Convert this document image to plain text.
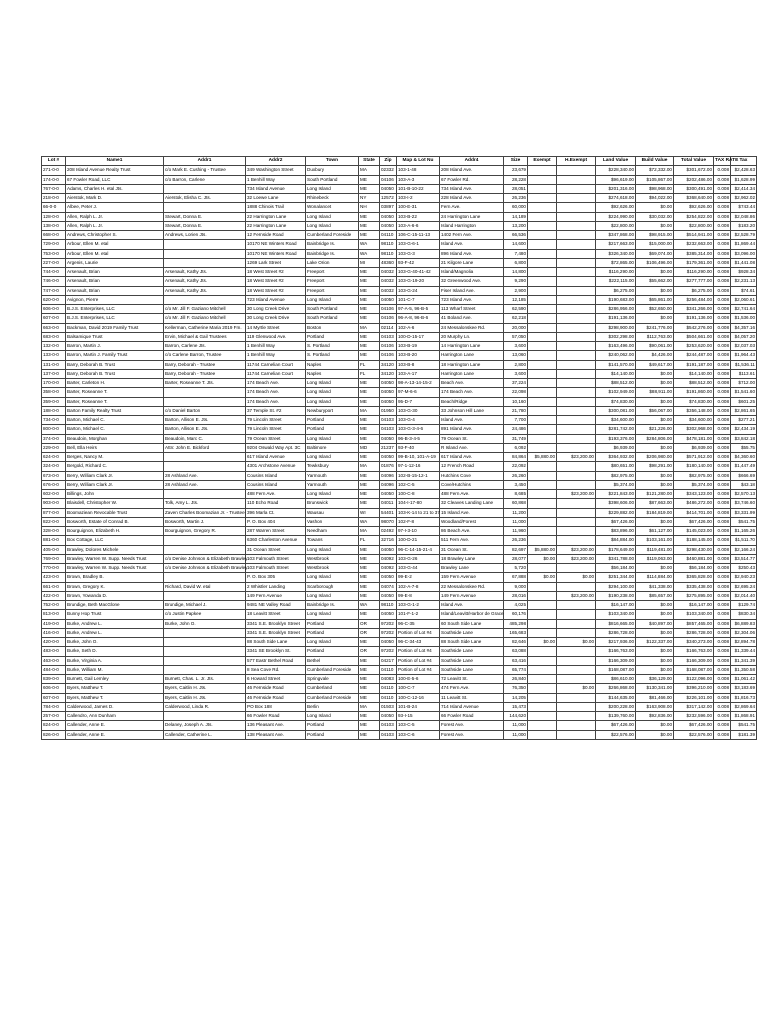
Lot #	Name1	Addr1	Addr2	Town	State	Zip	Map & Lot Nu	Addr4	Size	Exempt	H.Exempt	Land Value	Build Value	Total Value	TAX RATE	Tax
271-0-0	208 Island Avenue Realty Trust	c/o Mark E. Cushing - Trustee	349 Washington Street	Duxbury	MA	02332	103-1-48	208 Island Ave.	23,679			$228,340.00	$72,332.00	$301,672.00	0.008	$2,428.63
174-0-0	67 Fowler Road, LLC	c/o Barron, Carlene	1 Benhill Way	South Portland	ME	04106	103-A-3	67 Fowler Rd.	28,228			$96,619.00	$105,867.00	$202,486.00	0.008	$1,628.99
767-0-0	Adams, Charles H. etal Jts.		734 Island Avenue	Long Island	ME	04050	101-B-10-22	734 Island Ave.	28,051			$201,316.00	$98,968.00	$300,491.00	0.008	$2,414.34
218-0-0	Aierstok, Mark D.	Aierstok, Elisha C. Jts.	32 Loewe Lane	Rhinebeck	NY	12572	103-I-2	228 Island Ave.	26,236			$274,618.00	$94,022.00	$368,640.00	0.008	$2,962.02
66-0-0	Albee, Peter J.		1888 Chinois Trail	Wonalancet	NH	03897	100-E-31	Fern Ave.	60,000			$92,626.00	$0.00	$92,626.00	0.008	$743.44
128-0-0	Allen, Ralph L. Jr.	Stewart, Donna E.	22 Harrington Lane	Long Island	ME	04050	103-B-22	24 Harrington Lane	14,189			$224,990.00	$30,032.00	$254,822.00	0.008	$2,048.86
138-0-0	Allen, Ralph L. Jr.	Stewart, Donna E.	22 Harrington Lane	Long Island	ME	04050	103-A-6-6	Island Harrington	13,200			$22,800.00	$0.00	$22,800.00	0.008	$183.20
668-0-0	Andrews, Christopher S.	Andrews, Lorien Jts.	12 Fernside Road	Cumberland Foreside	ME	04110	106-C-15-11-13	1402 Fern Ave.	66,536			$347,868.00	$98,915.00	$514,941.00	0.008	$2,528.79
729-0-0	Arbour, Ellen M. etal		10170 NE Winters Road	Bainbridge Is.	WA	98110	103-G-6-1	Island Ave.	14,600			$217,663.00	$15,000.00	$232,663.00	0.008	$1,869.44
753-0-0	Arbour, Ellen M. etal		10170 NE Winters Road	Bainbridge Is.	WA	98110	103-G-3	896 Island Ave.	7,480			$326,340.00	$69,074.00	$385,314.00	0.008	$3,096.00
227-0-0	Argenis, Laurie		1269 Lark Street	Lake Orion	MI	48360	93-F-42	21 Kilgore Lane	6,800			$72,865.00	$106,496.00	$179,361.00	0.008	$1,441.08
744-0-0	Arsenault, Brian	Arsenault, Kathy Jts.	18 West Street #2	Freeport	ME	04032	103-G-40-41-42	Island/Magnolia	14,800			$116,290.00	$0.00	$116,290.00	0.008	$928.34
746-0-0	Arsenault, Brian	Arsenault, Kathy Jts.	18 West Street #2	Freeport	ME	04032	103-G-19-20	32 Greenwood Ave.	9,290			$222,115.00	$55,662.00	$277,777.00	0.008	$2,231.13
747-0-0	Arsenault, Brian	Arsenault, Kathy Jts.	18 West Street #2	Freeport	ME	04032	103-G-24	Fiser Island Ave.	2,900			$6,275.00	$0.00	$6,275.00	0.008	$74.61
620-0-0	Avignon, Pierre		723 Island Avenue	Long Island	ME	04050	101-C-7	723 Island Ave.	12,185			$190,683.00	$65,861.00	$256,484.00	0.008	$2,060.61
606-0-0	B.J.S. Enterprises, LLC	c/o Mr. Jill F. Gaziano Mitchell	30 Long Creek Drive	South Portland	ME	04106	97-A-5, 96-B-5	113 Wharf Street	62,590			$286,956.00	$52,650.00	$341,266.00	0.008	$2,741.64
607-0-0	B.J.S. Enterprises, LLC	c/o Mr. Jill F. Gaziano Mitchell	30 Long Creek Drive	South Portland	ME	04106	96-A-8, 96-B-6	41 Boland Ave.	62,218			$191,136.00	$0.00	$191,136.00	0.008	$1,536.00
663-0-0	Backman, David 2019 Family Trust	Kellerman, Catherine Maria 2019 Fm.	14 Myrtle Street	Boston	MA	02114	102-A-6	24 Messalonskee Rd.	20,000			$298,900.00	$241,776.00	$542,276.00	0.008	$4,357.16
683-0-0	Balsamique Trust	Ervin, Michael & Gail Trustees	119 Glenwood Ave.	Portland	ME	04103	100-D-15-17	20 Murphy Ln.	57,050			$302,298.00	$112,763.00	$504,661.00	0.008	$4,057.20
132-0-0	Barron, Martin J.	Barron, Carlene Jts.	1 Benhill Way	S. Portland	ME	04106	103-B-19	14 Harrington Lane	3,600			$163,496.00	$90,061.00	$253,620.00	0.008	$2,037.03
133-0-0	Barron, Martin J. Family Trust	c/o Carlene Barron, Trustee	1 Benhill Way	S. Portland	ME	04106	103-B-20	Harrington Lane	13,060			$240,062.00	$4,426.00	$244,487.00	0.008	$1,964.43
131-0-0	Barry, Deborah B. Trust	Barry, Deborah - Trustee	11744 Carnelian Court	Naples	FL	34120	103-B-8	18 Harrington Lane	2,800			$141,570.00	$49,617.00	$191,187.00	0.008	$1,536.11
137-0-0	Barry, Deborah B. Trust	Barry, Deborah - Trustee	11744 Carnelian Court	Naples	FL	34120	103-A-17	Harrington Lane	3,600			$14,140.00	$0.00	$14,140.00	0.008	$113.61
170-0-0	Barter, Carleton H.	Barter, Roseanne T. Jts.	174 Beach Ave.	Long Island	ME	04050	98-A-13-14-15-2	Beach Ave.	37,224			$88,512.00	$0.00	$88,512.00	0.008	$712.00
358-0-0	Barter, Roseanne T.		174 Beach Ave.	Long Island	ME	04050	97-M-6-6	174 Beach Ave.	22,098			$102,949.00	$88,911.00	$191,860.00	0.008	$1,541.60
359-0-0	Barter, Roseanne T.		174 Beach Ave.	Long Island	ME	04050	95-D-7	Beach/Ridge	10,160			$74,830.00	$0.00	$74,830.00	0.008	$601.25
188-0-0	Barton Family Realty Trust	c/o Daniel Barton	37 Temple St. #2	Newburyport	MA	01950	103-G-30	33 Johnson Hill Lane	21,780			$300,081.00	$56,067.00	$356,148.00	0.008	$2,861.65
734-0-0	Barton, Michael C.	Barton, Allison E. Jts.	79 Lincoln Street	Portland	ME	04103	103-G-4	Island Ave.	7,700			$34,600.00	$0.00	$34,600.00	0.008	$277.21
800-0-0	Barton, Michael C.	Barton, Allison E. Jts.	79 Lincoln Street	Portland	ME	04103	103-G-3-4-6	891 Island Ave.	24,486			$281,742.00	$21,226.00	$302,968.00	0.008	$2,434.19
374-0-0	Beaudoin, Morghan	Beaudoin, Marc C.	79 Ocean Street	Long Island	ME	04050	96-B-3-4-5	79 Ocean St.	31,749			$193,376.00	$284,806.00	$478,181.00	0.008	$3,842.18
229-0-0	Bell, Ella Heirs	Attn: John E. Bickford	9204 Oswald Way Apt. 3C	Baltimore	MD	21237	93-F-40	R Island Ave.	6,092			$6,939.00	$0.00	$6,939.00	0.008	$55.75
624-0-0	Berges, Nancy M.		617 Island Avenue	Long Island	ME	04050	99-B-10, 101-A-19	617 Island Ave.	84,864	$5,880.00	$23,200.00	$364,932.00	$206,980.00	$571,912.00	0.008	$4,360.60
324-0-0	Bergold, Richard C.		4301 Archstone Avenue	Tewksbury	MA	01876	97-1-12-16	12 French Road	22,092			$80,651.00	$98,291.00	$180,140.00	0.008	$1,447.49
673-0-0	Berry, William Clark Jr.	28 Ashland Ave.	Cousins Island	Yarmouth	ME	04096	102-B-15-12-1	Hutchins Cove	26,260			$82,975.00	$0.00	$82,975.00	0.008	$666.69
676-0-0	Berry, William Clark Jr.	28 Ashland Ave.	Cousins Island	Yarmouth	ME	04096	102-C-5	Cove/Hutchins	3,450			$5,374.00	$0.00	$5,374.00	0.008	$43.18
602-0-0	Billings, John		488 Fern Ave.	Long Island	ME	04050	100-C-8	488 Fern Ave.	8,685		$23,200.00	$221,843.00	$121,280.00	$343,123.00	0.008	$2,570.13
903-0-0	Blaisdell, Christopher W.	Tolk, Amy L. Jts.	110 Echo Road	Brunswick	ME	04011	104-I-17-80	32 Cleaves Landing Lane	60,868			$398,606.00	$87,663.00	$486,272.00	0.008	$3,746.60
877-0-0	Boomaziean Revocable Trust	Zaven Charles Boomazian Jr. - Trustee	396 Marla Ct.	Wausau	WI	54401	103-K-14 to 21 to 37	15 Island Ave.	11,200			$229,882.00	$184,819.00	$414,701.00	0.008	$3,331.99
822-0-0	Bosworth, Estate of Conrad B.	Bosworth, Martin J.	P. O. Box 404	Vashon	WA	98070	102-F-8	Woodland/Forest	11,000			$67,426.00	$0.00	$67,426.00	0.008	$541.75
328-0-0	Bourguignon, Elizabeth H.	Bourguignon, Gregory R.	287 Warren Street	Needham	MA	02492	97-I-3-10	86 Beach Ave.	11,960			$83,896.00	$61,127.00	$145,023.00	0.008	$1,165.26
881-0-0	Box Cottage, LLC		6360 Charleston Avenue	Towans	FL	32716	100-D-21	511 Fern Ave.	26,236			$84,884.00	$103,161.00	$188,145.00	0.008	$1,511.70
405-0-0	Brawley, Dolores Michele		31 Ocean Street	Long Island	ME	04050	96-C-14-15-21-4	31 Ocean St.	82,697	$5,880.00	$23,200.00	$178,649.00	$119,481.00	$298,430.00	0.008	$2,166.24
769-0-0	Brawley, Warren W. Supp. Needs Trust	c/o Denise Johnson & Elizabeth Brawley	103 Falmouth Street	Westbrook	ME	04092	103-G-26	18 Brawley Lane	28,077	$0.00	$23,200.00	$341,788.00	$119,063.00	$460,881.00	0.008	$3,514.77
770-0-0	Brawley, Warren W. Supp. Needs Trust	c/o Denise Johnson & Elizabeth Brawley	103 Falmouth Street	Westbrook	ME	04092	103-G-44	Brawley Lane	5,720			$56,184.00	$0.00	$56,184.00	0.008	$250.43
423-0-0	Brown, Bradley B.		P. O. Box 305	Long Island	ME	04050	99-E-2	159 Fern Avenue	67,888	$0.00	$0.00	$251,344.00	$114,884.00	$365,828.00	0.008	$2,940.23
661-0-0	Brown, Gregory K.	Richard, David W. etal	2 Whistler Landing	Scarborough	ME	04074	102-A-7-8	22 Messalonskee Rd.	9,000			$294,100.00	$41,338.00	$335,438.00	0.008	$2,695.24
422-0-0	Brown, Yowanda D.		149 Fern Avenue	Long Island	ME	04050	99-E-8	149 Fern Avenue	28,016		$23,200.00	$190,238.00	$85,657.00	$275,895.00	0.008	$2,014.40
752-0-0	Brundige, Beth MacGlone	Brundige, Michael J.	9481 NE Valley Road	Bainbridge Is.	WA	98110	103-G-1-2	Island Ave.	4,025			$16,147.00	$0.00	$16,147.00	0.008	$129.74
813-0-0	Bunny Hop Trust	c/o Justin Papkee	18 Leavitt Street	Long Island	ME	04050	101-F-1-2	Island/Leavitt/Harbor de Grace	60,176			$103,340.00	$0.00	$103,340.00	0.008	$830.34
419-0-0	Burke, Andrew L.	Burke, John O.	3341 S.E. Brooklyn Street	Portland	OR	97202	96-C-35	60 South Side Lane	485,298			$816,665.00	$40,897.00	$857,465.00	0.008	$6,889.83
416-0-0	Burke, Andrew L.		3341 S.E. Brooklyn Street	Portland	OR	97202	Portion of Lot #4	Southside Lane	165,683			$286,728.00	$0.00	$286,728.00	0.008	$2,304.06
420-0-0	Burke, John O.		88 South Side Lane	Long Island	ME	04050	96-C-34-43	88 South Side Lane	82,646	$0.00	$0.00	$217,936.00	$122,337.00	$340,273.00	0.008	$2,894.78
483-0-0	Burke, Seth D.		3341 SE Brooklyn St.	Portland	OR	97202	Portion of Lot #4	Southside Lane	63,088			$166,763.00	$0.00	$166,763.00	0.008	$1,339.44
463-0-0	Burke, Virginia A.		577 Eastr Bethel Road	Bethel	ME	04217	Portion of Lot #4	Southside Lane	63,416			$166,309.00	$0.00	$166,309.00	0.008	$1,341.39
484-0-0	Burke, William M.		8 Sea Cove Rd.	Cumberland Foreside	ME	04110	Portion of Lot #4	Southside Lane	65,774			$168,087.00	$0.00	$168,087.00	0.008	$1,350.58
839-0-0	Burnett, Gail Lemley	Burnett, Chas. L. Jr. Jts.	6 Howard Street	Springvale	ME	04083	100-E-5-6	72 Leavitt St.	26,840			$86,610.00	$36,129.00	$122,096.00	0.008	$1,061.42
606-0-0	Byers, Matthew T.	Byers, Caitlin H. Jts.	46 Fernside Road	Cumberland	ME	04110	100-C-7	474 Fern Ave.	76,350		$0.00	$266,868.00	$130,341.00	$396,210.00	0.008	$3,183.69
607-0-0	Byers, Matthew T.	Byers, Caitlin H. Jts.	46 Fernside Road	Cumberland Foreside	ME	04110	100-C-12-16	11 Leavitt St.	14,205			$144,635.00	$81,466.00	$226,101.00	0.008	$1,816.73
784-0-0	Calderwood, James D.	Calderwood, Linda R.	PO Box 188	Berlin	MA	01503	101-B-24	714 Island Avenue	15,473			$200,228.00	$163,908.00	$317,142.00	0.008	$2,869.64
257-0-0	Callendro, Ann Dunham		66 Fowler Road	Long Island	ME	04050	93-I-15	66 Fowler Road	144,620			$139,760.00	$92,836.00	$232,596.00	0.008	$1,868.91
824-0-0	Callender, Anne E.	Delaney, Joseph A. Jts.	136 Pleasant Ave.	Portland	ME	04103	103-C-5	Forest Ave.	11,000			$67,426.00	$0.00	$67,426.00	0.008	$541.75
826-0-0	Callender, Anne E.	Callender, Catherine L.	138 Pleasant Ave.	Portland	ME	04103	103-C-6	Forest Ave.	11,000			$22,576.00	$0.00	$22,576.00	0.008	$181.39
